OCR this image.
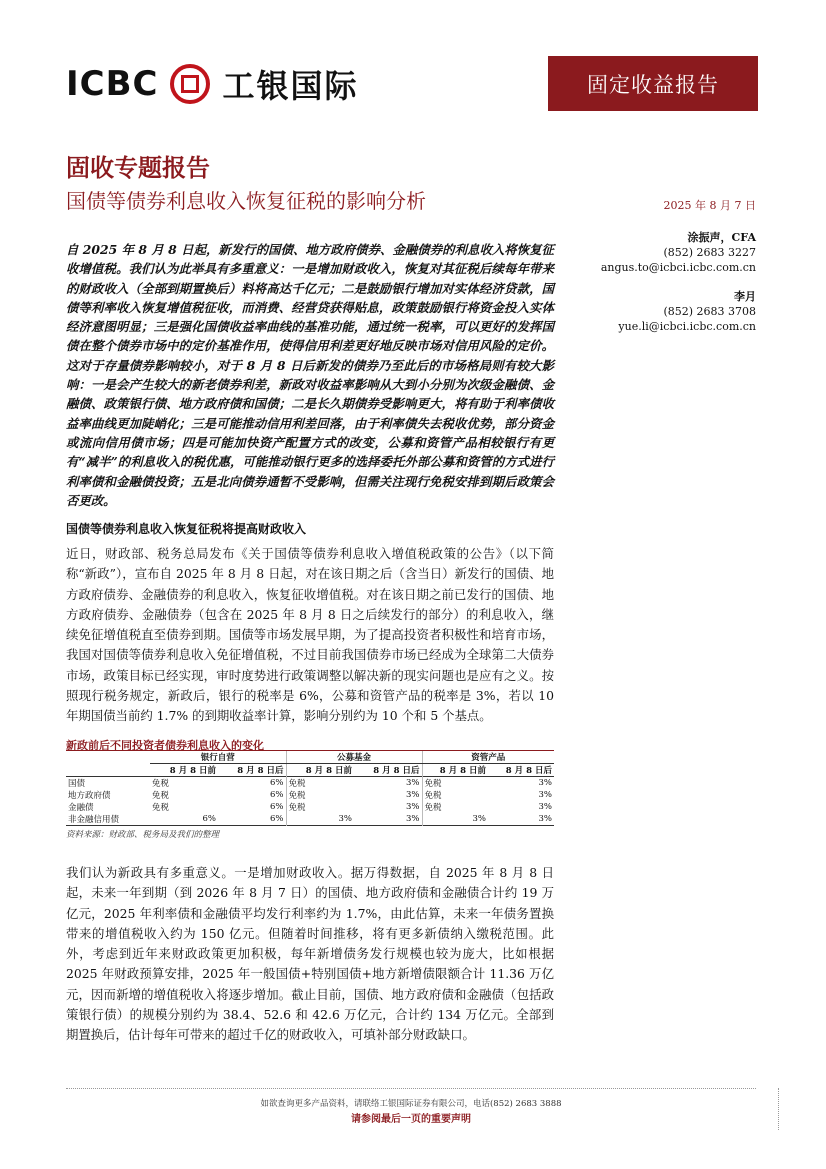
ICBC 工银国际	固定收益报告
固收专题报告
国债等债券利息收入恢复征税的影响分析	2025 年 8 月 7 日
自 2025 年 8 月 8 日起，新发行的国债、地方政府债券、金融债券的利息收入将恢复征收增值税。我们认为此举具有多重意义：一是增加财政收入，恢复对其征税后续每年带来的财政收入（全部到期置换后）料将高达千亿元；二是鼓励银行增加对实体经济贷款，国债等利率收入恢复增值税征收，而消费、经营贷获得贴息，政策鼓励银行将资金投入实体经济意图明显；三是强化国债收益率曲线的基准功能，通过统一税率，可以更好的发挥国债在整个债券市场中的定价基准作用，使得信用利差更好地反映市场对信用风险的定价。这对于存量债券影响较小，对于 8 月 8 日后新发的债券乃至此后的市场格局则有较大影响：一是会产生较大的新老债券利差，新政对收益率影响从大到小分别为次级金融债、金融债、政策银行债、地方政府债和国债；二是长久期债券受影响更大，将有助于利率债收益率曲线更加陡峭化；三是可能推动信用利差回落，由于利率债失去税收优势，部分资金或流向信用债市场；四是可能加快资产配置方式的改变，公募和资管产品相较银行有更有“减半”的利息收入的税优惠，可能推动银行更多的选择委托外部公募和资管的方式进行利率债和金融债投资；五是北向债券通暂不受影响，但需关注现行免税安排到期后政策会否更改。
涂振声，CFA
(852) 2683 3227
angus.to@icbci.icbc.com.cn
李月
(852) 2683 3708
yue.li@icbci.icbc.com.cn
国债等债券利息收入恢复征税将提高财政收入
近日，财政部、税务总局发布《关于国债等债券利息收入增值税政策的公告》（以下简称“新政”），宣布自 2025 年 8 月 8 日起，对在该日期之后（含当日）新发行的国债、地方政府债券、金融债券的利息收入，恢复征收增值税。对在该日期之前已发行的国债、地方政府债券、金融债券（包含在 2025 年 8 月 8 日之后续发行的部分）的利息收入，继续免征增值税直至债券到期。国债等市场发展早期，为了提高投资者积极性和培育市场，我国对国债等债券利息收入免征增值税，不过目前我国债券市场已经成为全球第二大债券市场，政策目标已经实现，审时度势进行政策调整以解决新的现实问题也是应有之义。按照现行税务规定，新政后，银行的税率是 6%，公募和资管产品的税率是 3%，若以 10 年期国债当前约 1.7% 的到期收益率计算，影响分别约为 10 个和 5 个基点。
新政前后不同投资者债券利息收入的变化
	银行自营		公募基金		资管产品	
	8 月 8 日前	8 月 8 日后	8 月 8 日前	8 月 8 日后	8 月 8 日前	8 月 8 日后
国债	免税	6%	免税	3%	免税	3%
地方政府债	免税	6%	免税	3%	免税	3%
金融债	免税	6%	免税	3%	免税	3%
非金融信用债	6%	6%	3%	3%	3%	3%
资料来源：财政部、税务局及我们的整理
我们认为新政具有多重意义。一是增加财政收入。据万得数据，自 2025 年 8 月 8 日起，未来一年到期（到 2026 年 8 月 7 日）的国债、地方政府债和金融债合计约 19 万亿元，2025 年利率债和金融债平均发行利率约为 1.7%，由此估算，未来一年债务置换带来的增值税收入约为 150 亿元。但随着时间推移，将有更多新债纳入缴税范围。此外，考虑到近年来财政政策更加积极，每年新增债务发行规模也较为庞大，比如根据 2025 年财政预算安排，2025 年一般国债+特别国债+地方新增债限额合计 11.36 万亿元，因而新增的增值税收入将逐步增加。截止目前，国债、地方政府债和金融债（包括政策银行债）的规模分别约为 38.4、52.6 和 42.6 万亿元，合计约 134 万亿元。全部到期置换后，估计每年可带来的超过千亿的财政收入，可填补部分财政缺口。
如欲查询更多产品资料，请联络工银国际证券有限公司，电话(852) 2683 3888
请参阅最后一页的重要声明
